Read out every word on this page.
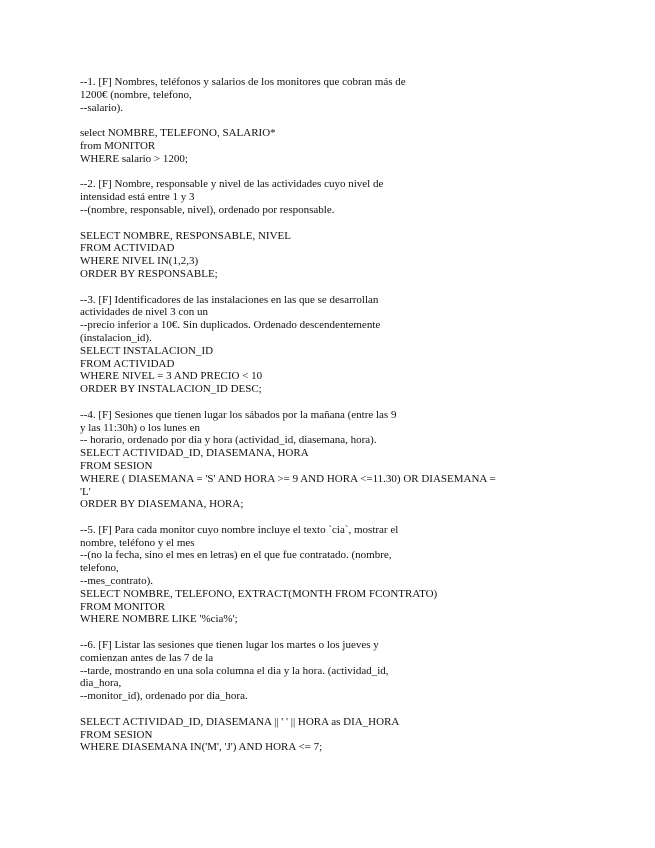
--1. [F] Nombres, teléfonos y salarios de los monitores que cobran más de
1200€ (nombre, telefono,
--salario).
select NOMBRE, TELEFONO, SALARIO*
from MONITOR
WHERE salario > 1200;
--2. [F] Nombre, responsable y nivel de las actividades cuyo nivel de
intensidad está entre 1 y 3
--(nombre, responsable, nivel), ordenado por responsable.
SELECT NOMBRE, RESPONSABLE, NIVEL
FROM ACTIVIDAD
WHERE NIVEL IN(1,2,3)
ORDER BY RESPONSABLE;
--3. [F] Identificadores de las instalaciones en las que se desarrollan
actividades de nivel 3 con un
--precio inferior a 10€. Sin duplicados. Ordenado descendentemente
(instalacion_id).
SELECT INSTALACION_ID
FROM ACTIVIDAD
WHERE NIVEL = 3 AND PRECIO < 10
ORDER BY INSTALACION_ID DESC;
--4. [F] Sesiones que tienen lugar los sábados por la mañana (entre las 9
y las 11:30h) o los lunes en
-- horario, ordenado por dia y hora (actividad_id, diasemana, hora).
SELECT ACTIVIDAD_ID, DIASEMANA, HORA
FROM SESION
WHERE ( DIASEMANA = 'S' AND HORA >= 9 AND HORA <=11.30) OR DIASEMANA =
'L'
ORDER BY DIASEMANA, HORA;
--5. [F] Para cada monitor cuyo nombre incluye el texto `cia`, mostrar el
nombre, teléfono y el mes
--(no la fecha, sino el mes en letras) en el que fue contratado. (nombre,
telefono,
--mes_contrato).
SELECT NOMBRE, TELEFONO, EXTRACT(MONTH FROM FCONTRATO)
FROM MONITOR
WHERE NOMBRE LIKE '%cia%';
--6. [F] Listar las sesiones que tienen lugar los martes o los jueves y
comienzan antes de las 7 de la
--tarde, mostrando en una sola columna el dia y la hora. (actividad_id,
dia_hora,
--monitor_id), ordenado por dia_hora.
SELECT ACTIVIDAD_ID, DIASEMANA || ' ' || HORA as DIA_HORA
FROM SESION
WHERE DIASEMANA IN('M', 'J') AND HORA <= 7;
